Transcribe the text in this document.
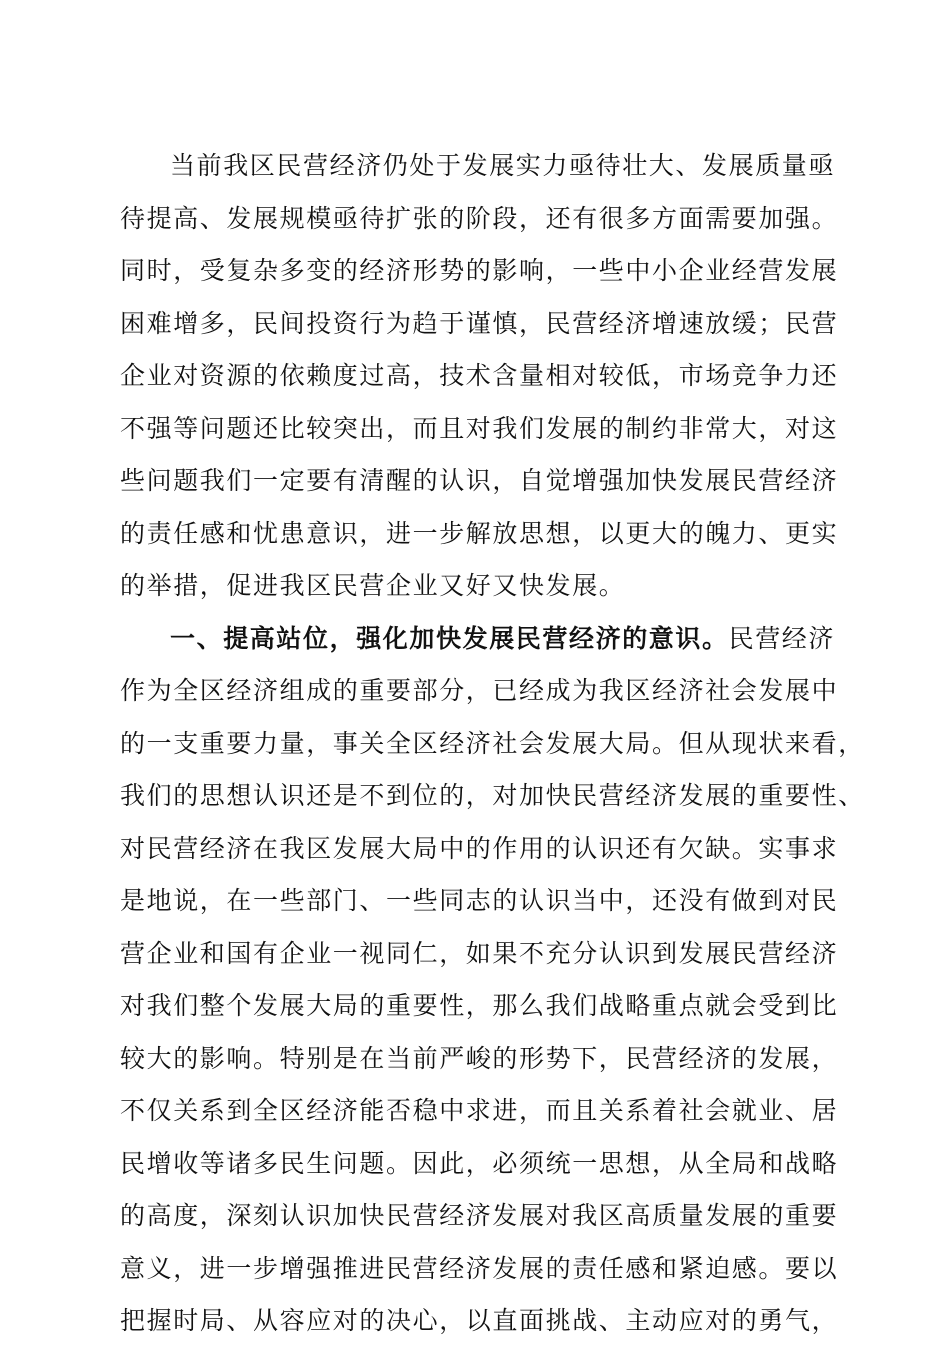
当前我区民营经济仍处于发展实力亟待壮大、发展质量亟
待提高、发展规模亟待扩张的阶段，还有很多方面需要加强。
同时，受复杂多变的经济形势的影响，一些中小企业经营发展
困难增多，民间投资行为趋于谨慎，民营经济增速放缓；民营
企业对资源的依赖度过高，技术含量相对较低，市场竞争力还
不强等问题还比较突出，而且对我们发展的制约非常大，对这
些问题我们一定要有清醒的认识，自觉增强加快发展民营经济
的责任感和忧患意识，进一步解放思想，以更大的魄力、更实
的举措，促进我区民营企业又好又快发展。
一、提高站位，强化加快发展民营经济的意识。民营经济
作为全区经济组成的重要部分，已经成为我区经济社会发展中
的一支重要力量，事关全区经济社会发展大局。但从现状来看，
我们的思想认识还是不到位的，对加快民营经济发展的重要性、
对民营经济在我区发展大局中的作用的认识还有欠缺。实事求
是地说，在一些部门、一些同志的认识当中，还没有做到对民
营企业和国有企业一视同仁，如果不充分认识到发展民营经济
对我们整个发展大局的重要性，那么我们战略重点就会受到比
较大的影响。特别是在当前严峻的形势下，民营经济的发展，
不仅关系到全区经济能否稳中求进，而且关系着社会就业、居
民增收等诸多民生问题。因此，必须统一思想，从全局和战略
的高度，深刻认识加快民营经济发展对我区高质量发展的重要
意义，进一步增强推进民营经济发展的责任感和紧迫感。要以
把握时局、从容应对的决心，以直面挑战、主动应对的勇气，
